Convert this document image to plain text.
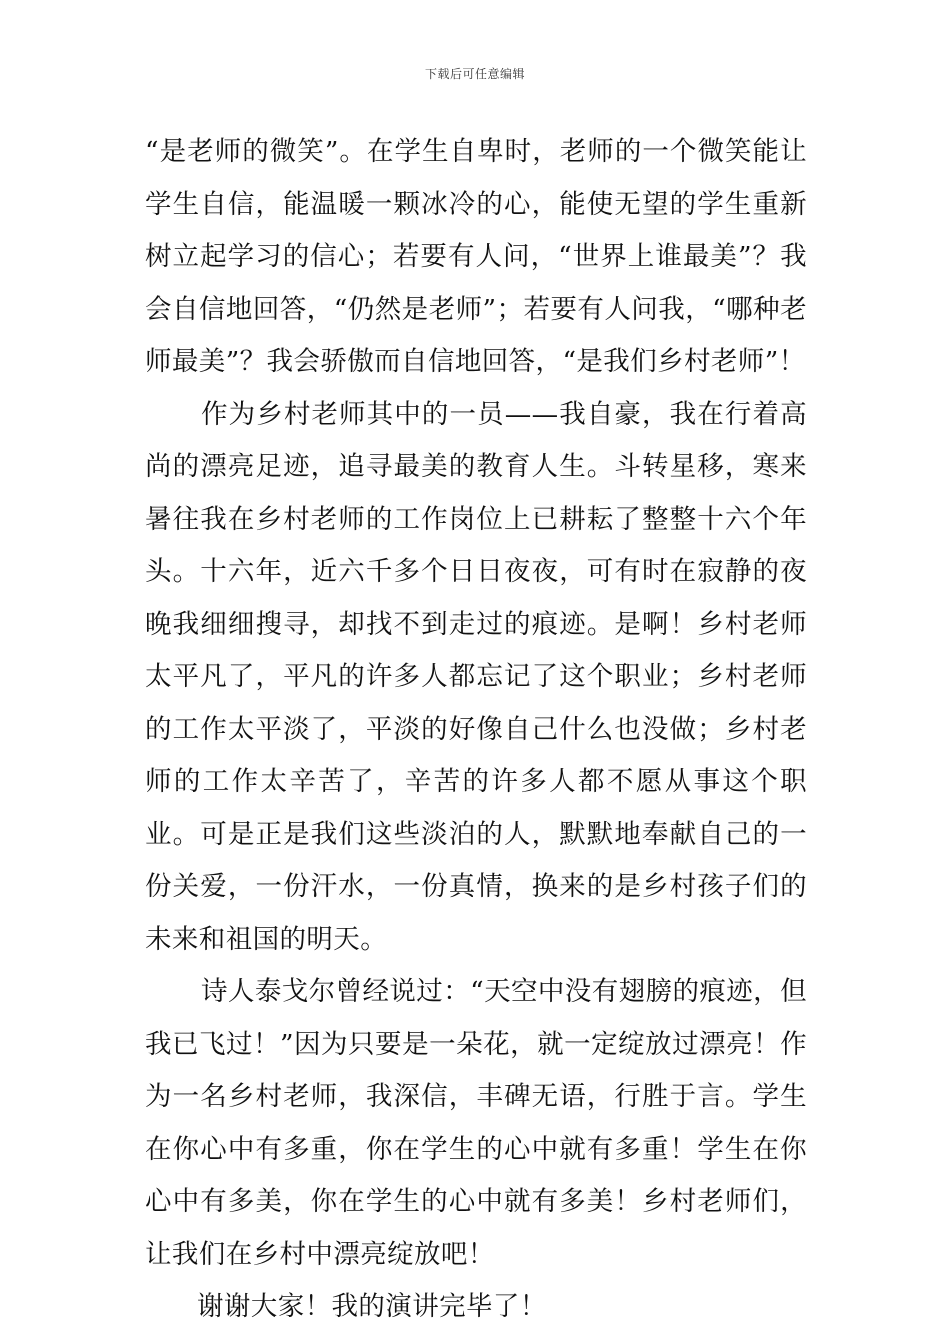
下载后可任意编辑

“是老师的微笑”。在学生自卑时，老师的一个微笑能让学生自信，能温暖一颗冰冷的心，能使无望的学生重新树立起学习的信心；若要有人问，“世界上谁最美”？我会自信地回答，“仍然是老师”；若要有人问我，“哪种老师最美”？我会骄傲而自信地回答，“是我们乡村老师”！

作为乡村老师其中的一员——我自豪，我在行着高尚的漂亮足迹，追寻最美的教育人生。斗转星移，寒来暑往我在乡村老师的工作岗位上已耕耘了整整十六个年头。十六年，近六千多个日日夜夜，可有时在寂静的夜晚我细细搜寻，却找不到走过的痕迹。是啊！乡村老师太平凡了，平凡的许多人都忘记了这个职业；乡村老师的工作太平淡了，平淡的好像自己什么也没做；乡村老师的工作太辛苦了，辛苦的许多人都不愿从事这个职业。可是正是我们这些淡泊的人，默默地奉献自己的一份关爱，一份汗水，一份真情，换来的是乡村孩子们的未来和祖国的明天。

诗人泰戈尔曾经说过：“天空中没有翅膀的痕迹，但我已飞过！”因为只要是一朵花，就一定绽放过漂亮！作为一名乡村老师，我深信，丰碑无语，行胜于言。学生在你心中有多重，你在学生的心中就有多重！学生在你心中有多美，你在学生的心中就有多美！乡村老师们，让我们在乡村中漂亮绽放吧！

谢谢大家！我的演讲完毕了！
